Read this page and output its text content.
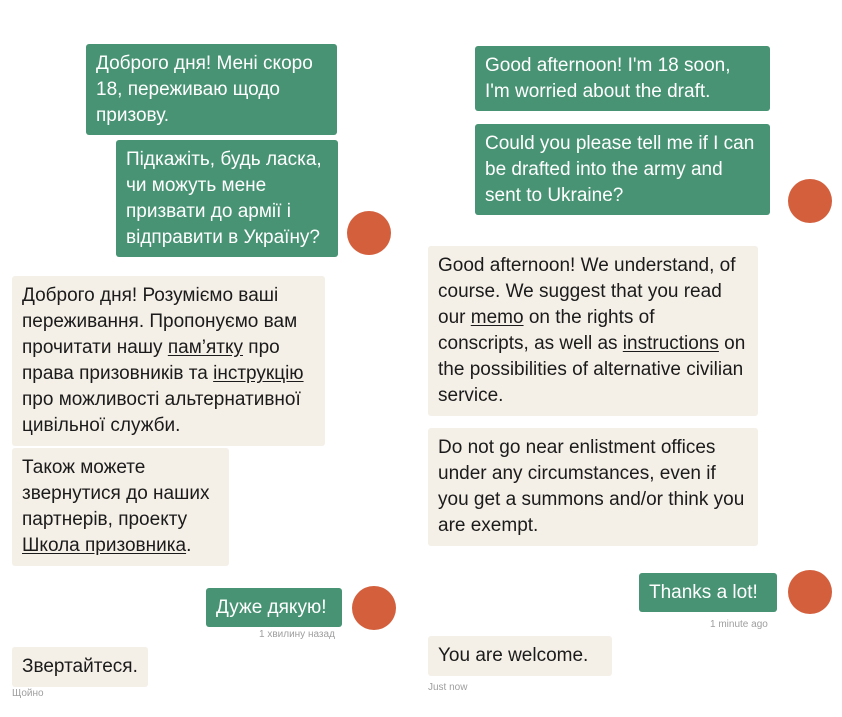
Доброго дня! Мені скоро 18, переживаю щодо призову.
Підкажіть, будь ласка, чи можуть мене призвати до армії і відправити в Україну?
Доброго дня! Розуміємо ваші переживання. Пропонуємо вам прочитати нашу пам’ятку про права призовників та інструкцію про можливості альтернативної цивільної служби.
Також можете звернутися до наших партнерів, проекту Школа призовника.
Дуже дякую!
1 хвилину назад
Звертайтеся.
Щойно
Good afternoon! I'm 18 soon, I'm worried about the draft.
Could you please tell me if I can be drafted into the army and sent to Ukraine?
Good afternoon! We understand, of course. We suggest that you read our memo on the rights of conscripts, as well as instructions on the possibilities of alternative civilian service.
Do not go near enlistment offices under any circumstances, even if you get a summons and/or think you are exempt.
Thanks a lot!
1 minute ago
You are welcome.
Just now
